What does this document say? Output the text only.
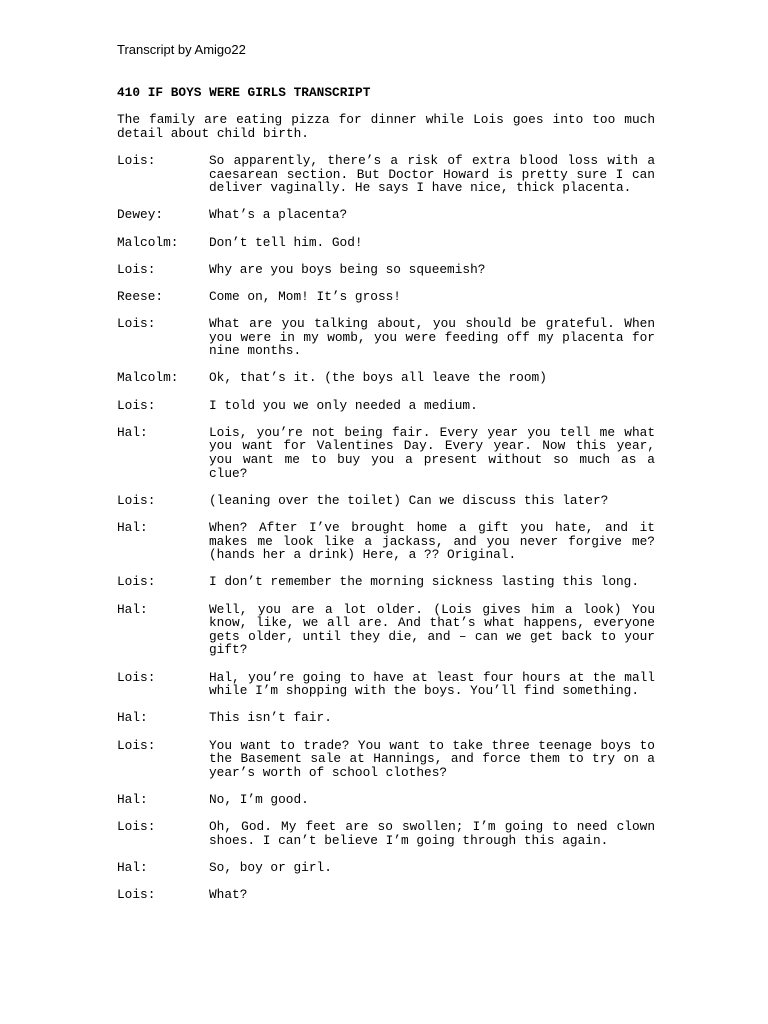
Transcript by Amigo22
410 IF BOYS WERE GIRLS TRANSCRIPT
The family are eating pizza for dinner while Lois goes into too much detail about child birth.
Lois:	So apparently, there’s a risk of extra blood loss with a caesarean section. But Doctor Howard is pretty sure I can deliver vaginally. He says I have nice, thick placenta.
Dewey:	What’s a placenta?
Malcolm:	Don’t tell him. God!
Lois:	Why are you boys being so squeemish?
Reese:	Come on, Mom! It’s gross!
Lois:	What are you talking about, you should be grateful. When you were in my womb, you were feeding off my placenta for nine months.
Malcolm:	Ok, that’s it. (the boys all leave the room)
Lois:	I told you we only needed a medium.
Hal:	Lois, you’re not being fair. Every year you tell me what you want for Valentines Day. Every year. Now this year, you want me to buy you a present without so much as a clue?
Lois:	(leaning over the toilet) Can we discuss this later?
Hal:	When? After I’ve brought home a gift you hate, and it makes me look like a jackass, and you never forgive me? (hands her a drink) Here, a ?? Original.
Lois:	I don’t remember the morning sickness lasting this long.
Hal:	Well, you are a lot older. (Lois gives him a look) You know, like, we all are. And that’s what happens, everyone gets older, until they die, and – can we get back to your gift?
Lois:	Hal, you’re going to have at least four hours at the mall while I’m shopping with the boys. You’ll find something.
Hal:	This isn’t fair.
Lois:	You want to trade? You want to take three teenage boys to the Basement sale at Hannings, and force them to try on a year’s worth of school clothes?
Hal:	No, I’m good.
Lois:	Oh, God. My feet are so swollen; I’m going to need clown shoes. I can’t believe I’m going through this again.
Hal:	So, boy or girl.
Lois:	What?
